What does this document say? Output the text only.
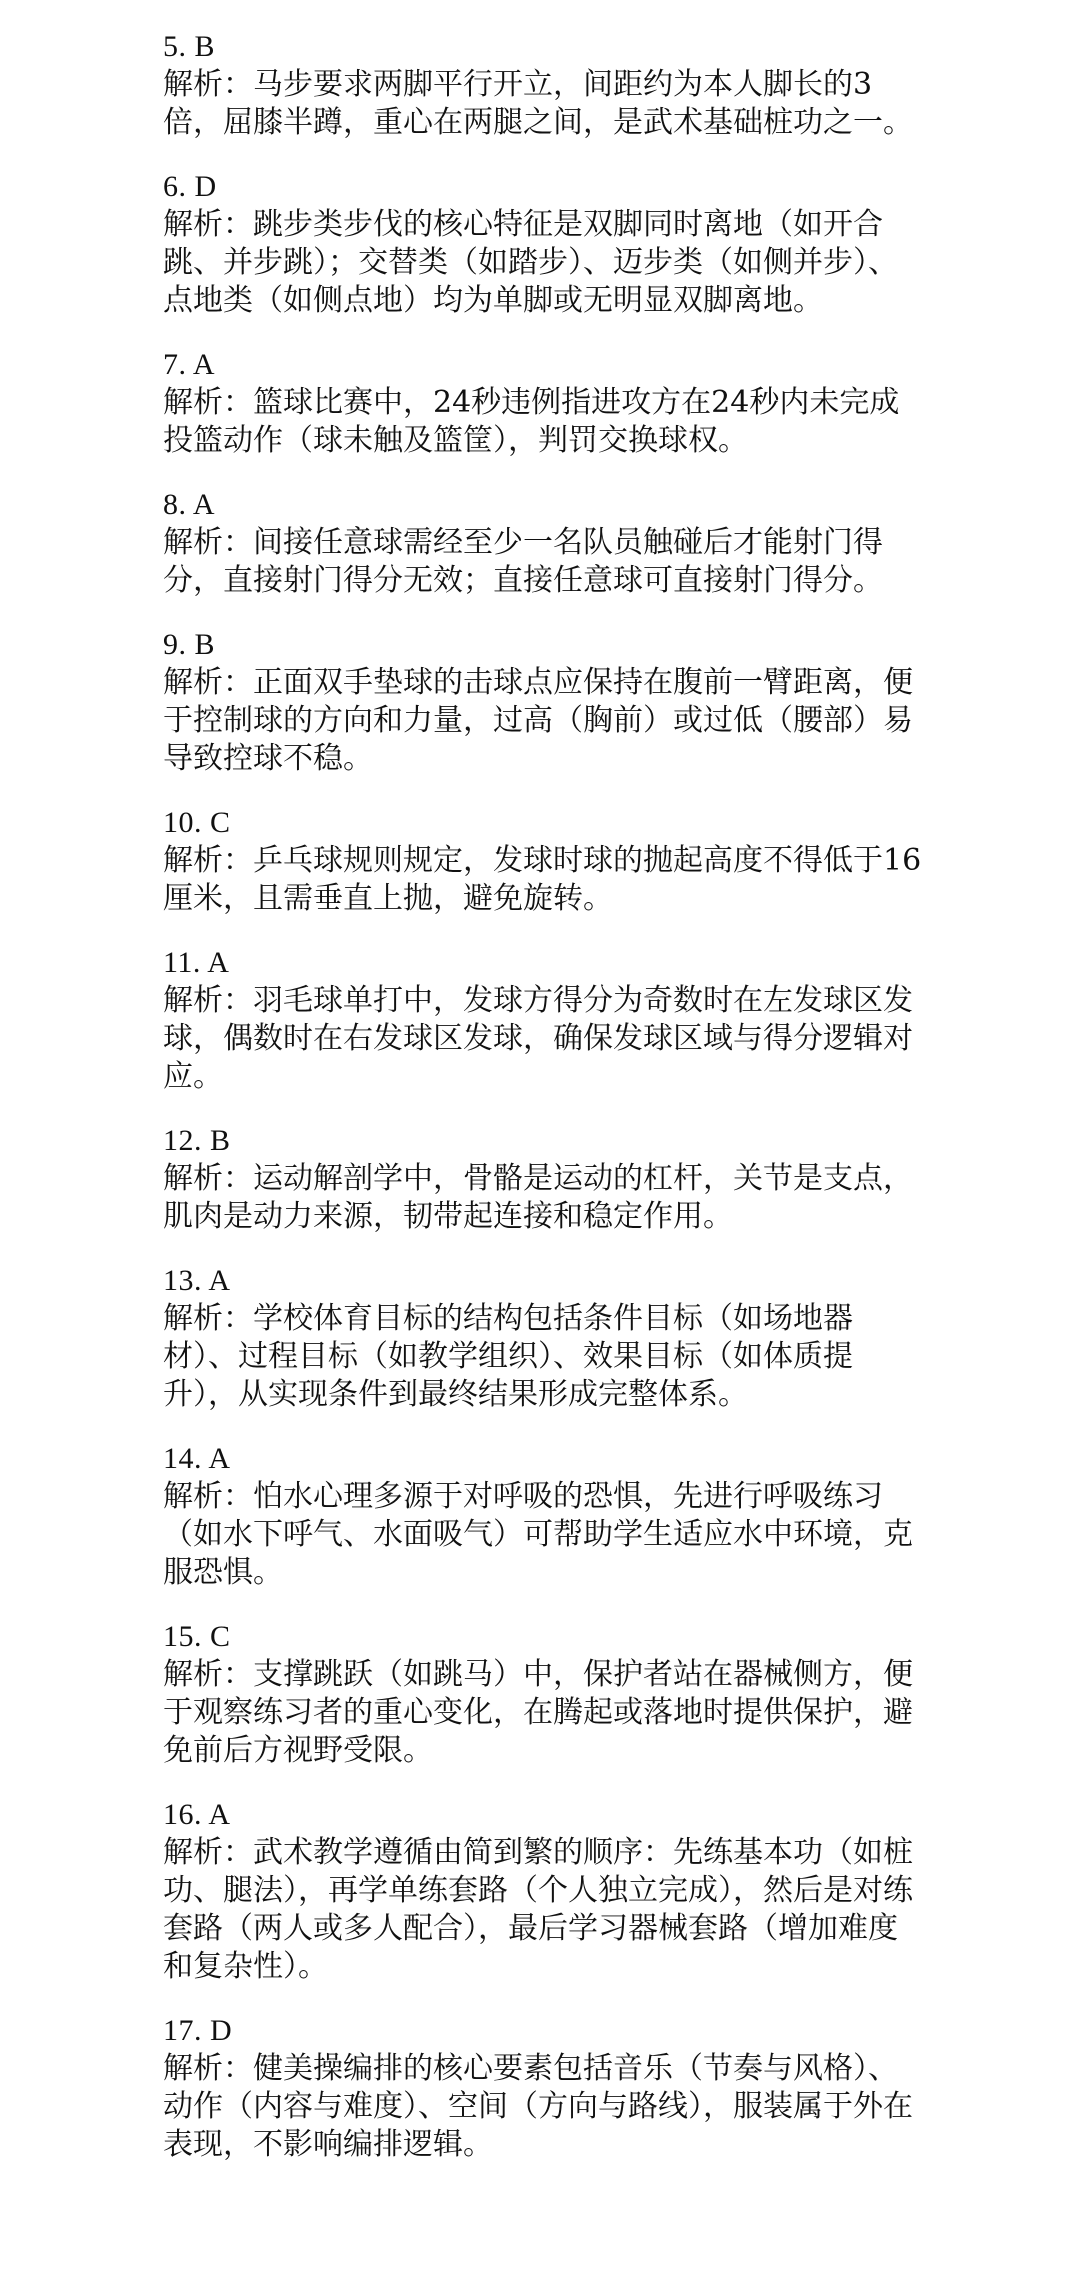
5. B

解析：马步要求两脚平行开立，间距约为本人脚长的3倍，屈膝半蹲，重心在两腿之间，是武术基础桩功之一。

6. D

解析：跳步类步伐的核心特征是双脚同时离地（如开合跳、并步跳）；交替类（如踏步）、迈步类（如侧并步）、点地类（如侧点地）均为单脚或无明显双脚离地。

7. A

解析：篮球比赛中，24秒违例指进攻方在24秒内未完成投篮动作（球未触及篮筐），判罚交换球权。

8. A

解析：间接任意球需经至少一名队员触碰后才能射门得分，直接射门得分无效；直接任意球可直接射门得分。

9. B

解析：正面双手垫球的击球点应保持在腹前一臂距离，便于控制球的方向和力量，过高（胸前）或过低（腰部）易导致控球不稳。

10. C

解析：乒乓球规则规定，发球时球的抛起高度不得低于16厘米，且需垂直上抛，避免旋转。

11. A

解析：羽毛球单打中，发球方得分为奇数时在左发球区发球，偶数时在右发球区发球，确保发球区域与得分逻辑对应。

12. B

解析：运动解剖学中，骨骼是运动的杠杆，关节是支点，肌肉是动力来源，韧带起连接和稳定作用。

13. A

解析：学校体育目标的结构包括条件目标（如场地器材）、过程目标（如教学组织）、效果目标（如体质提升），从实现条件到最终结果形成完整体系。

14. A

解析：怕水心理多源于对呼吸的恐惧，先进行呼吸练习（如水下呼气、水面吸气）可帮助学生适应水中环境，克服恐惧。

15. C

解析：支撑跳跃（如跳马）中，保护者站在器械侧方，便于观察练习者的重心变化，在腾起或落地时提供保护，避免前后方视野受限。

16. A

解析：武术教学遵循由简到繁的顺序：先练基本功（如桩功、腿法），再学单练套路（个人独立完成），然后是对练套路（两人或多人配合），最后学习器械套路（增加难度和复杂性）。

17. D

解析：健美操编排的核心要素包括音乐（节奏与风格）、动作（内容与难度）、空间（方向与路线），服装属于外在表现，不影响编排逻辑。
